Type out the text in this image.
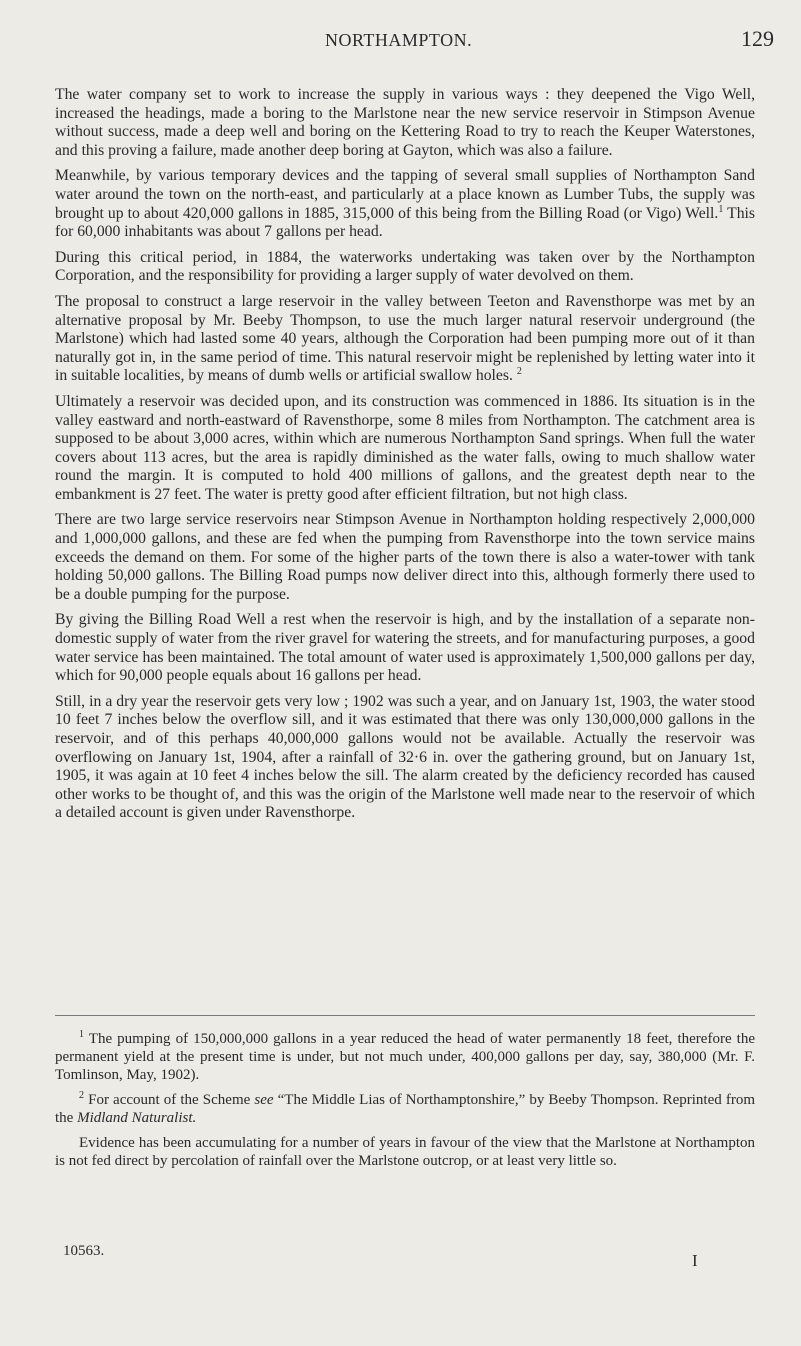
NORTHAMPTON.	129

The water company set to work to increase the supply in various ways : they deepened the Vigo Well, increased the headings, made a boring to the Marlstone near the new service reservoir in Stimpson Avenue without success, made a deep well and boring on the Kettering Road to try to reach the Keuper Waterstones, and this proving a failure, made another deep boring at Gayton, which was also a failure.

Meanwhile, by various temporary devices and the tapping of several small supplies of Northampton Sand water around the town on the north-east, and particularly at a place known as Lumber Tubs, the supply was brought up to about 420,000 gallons in 1885, 315,000 of this being from the Billing Road (or Vigo) Well.$^1$ This for 60,000 inhabitants was about 7 gallons per head.

During this critical period, in 1884, the waterworks undertaking was taken over by the Northampton Corporation, and the responsibility for providing a larger supply of water devolved on them.

The proposal to construct a large reservoir in the valley between Teeton and Ravensthorpe was met by an alternative proposal by Mr. Beeby Thompson, to use the much larger natural reservoir underground (the Marlstone) which had lasted some 40 years, although the Corporation had been pumping more out of it than naturally got in, in the same period of time. This natural reservoir might be replenished by letting water into it in suitable localities, by means of dumb wells or artificial swallow holes. $^2$

Ultimately a reservoir was decided upon, and its construction was commenced in 1886. Its situation is in the valley eastward and north-eastward of Ravensthorpe, some 8 miles from Northampton. The catchment area is supposed to be about 3,000 acres, within which are numerous Northampton Sand springs. When full the water covers about 113 acres, but the area is rapidly diminished as the water falls, owing to much shallow water round the margin. It is computed to hold 400 millions of gallons, and the greatest depth near to the embankment is 27 feet. The water is pretty good after efficient filtration, but not high class.

There are two large service reservoirs near Stimpson Avenue in Northampton holding respectively 2,000,000 and 1,000,000 gallons, and these are fed when the pumping from Ravensthorpe into the town service mains exceeds the demand on them. For some of the higher parts of the town there is also a water-tower with tank holding 50,000 gallons. The Billing Road pumps now deliver direct into this, although formerly there used to be a double pumping for the purpose.

By giving the Billing Road Well a rest when the reservoir is high, and by the installation of a separate non-domestic supply of water from the river gravel for watering the streets, and for manufacturing purposes, a good water service has been maintained. The total amount of water used is approximately 1,500,000 gallons per day, which for 90,000 people equals about 16 gallons per head.

Still, in a dry year the reservoir gets very low ; 1902 was such a year, and on January 1st, 1903, the water stood 10 feet 7 inches below the overflow sill, and it was estimated that there was only 130,000,000 gallons in the reservoir, and of this perhaps 40,000,000 gallons would not be available. Actually the reservoir was overflowing on January 1st, 1904, after a rainfall of 32·6 in. over the gathering ground, but on January 1st, 1905, it was again at 10 feet 4 inches below the sill. The alarm created by the deficiency recorded has caused other works to be thought of, and this was the origin of the Marlstone well made near to the reservoir of which a detailed account is given under Ravensthorpe.

$^1$ The pumping of 150,000,000 gallons in a year reduced the head of water permanently 18 feet, therefore the permanent yield at the present time is under, but not much under, 400,000 gallons per day, say, 380,000 (Mr. F. Tomlinson, May, 1902).

$^2$ For account of the Scheme see “The Middle Lias of Northamptonshire,” by Beeby Thompson. Reprinted from the Midland Naturalist.

Evidence has been accumulating for a number of years in favour of the view that the Marlstone at Northampton is not fed direct by percolation of rainfall over the Marlstone outcrop, or at least very little so.

10563.	I
